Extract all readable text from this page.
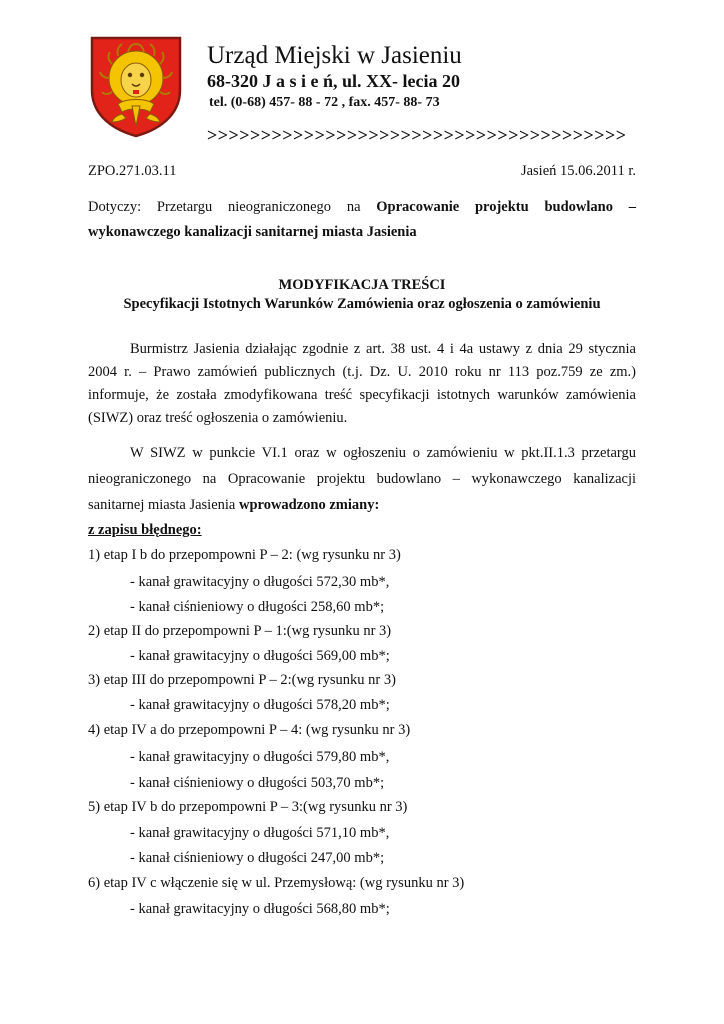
Urząd Miejski w Jasieniu
68-320 J a s i e ń, ul. XX- lecia 20
tel. (0-68) 457- 88 - 72 , fax. 457- 88- 73
>>>>>>>>>>>>>>>>>>>>>>>>>>>>>>>>>>>>>>>
ZPO.271.03.11	Jasień 15.06.2011 r.
Dotyczy: Przetargu nieograniczonego na Opracowanie projektu budowlano –
wykonawczego kanalizacji sanitarnej miasta Jasienia
MODYFIKACJA TREŚCI
Specyfikacji Istotnych Warunków Zamówienia oraz ogłoszenia o zamówieniu
Burmistrz Jasienia działając zgodnie z art. 38 ust. 4 i 4a ustawy z dnia 29 stycznia
2004 r. – Prawo zamówień publicznych (t.j. Dz. U. 2010 roku nr 113 poz.759 ze zm.)
informuje, że została zmodyfikowana treść specyfikacji istotnych warunków zamówienia
(SIWZ) oraz treść ogłoszenia o zamówieniu.
W SIWZ w punkcie VI.1 oraz w ogłoszeniu o zamówieniu w pkt.II.1.3 przetargu
nieograniczonego na Opracowanie projektu budowlano – wykonawczego kanalizacji
sanitarnej miasta Jasienia wprowadzono zmiany:
z zapisu błędnego:
1) etap I b do przepompowni P – 2: (wg rysunku nr 3)
- kanał grawitacyjny o długości 572,30 mb*,
- kanał ciśnieniowy o długości 258,60 mb*;
2) etap II do przepompowni P – 1:(wg rysunku nr 3)
- kanał grawitacyjny o długości 569,00 mb*;
3) etap III do przepompowni P – 2:(wg rysunku nr 3)
- kanał grawitacyjny o długości 578,20 mb*;
4) etap IV a do przepompowni P – 4: (wg rysunku nr 3)
- kanał grawitacyjny o długości 579,80 mb*,
- kanał ciśnieniowy o długości 503,70 mb*;
5) etap IV b do przepompowni P – 3:(wg rysunku nr 3)
- kanał grawitacyjny o długości 571,10 mb*,
- kanał ciśnieniowy o długości 247,00 mb*;
6) etap IV c włączenie się w ul. Przemysłową: (wg rysunku nr 3)
- kanał grawitacyjny o długości 568,80 mb*;
